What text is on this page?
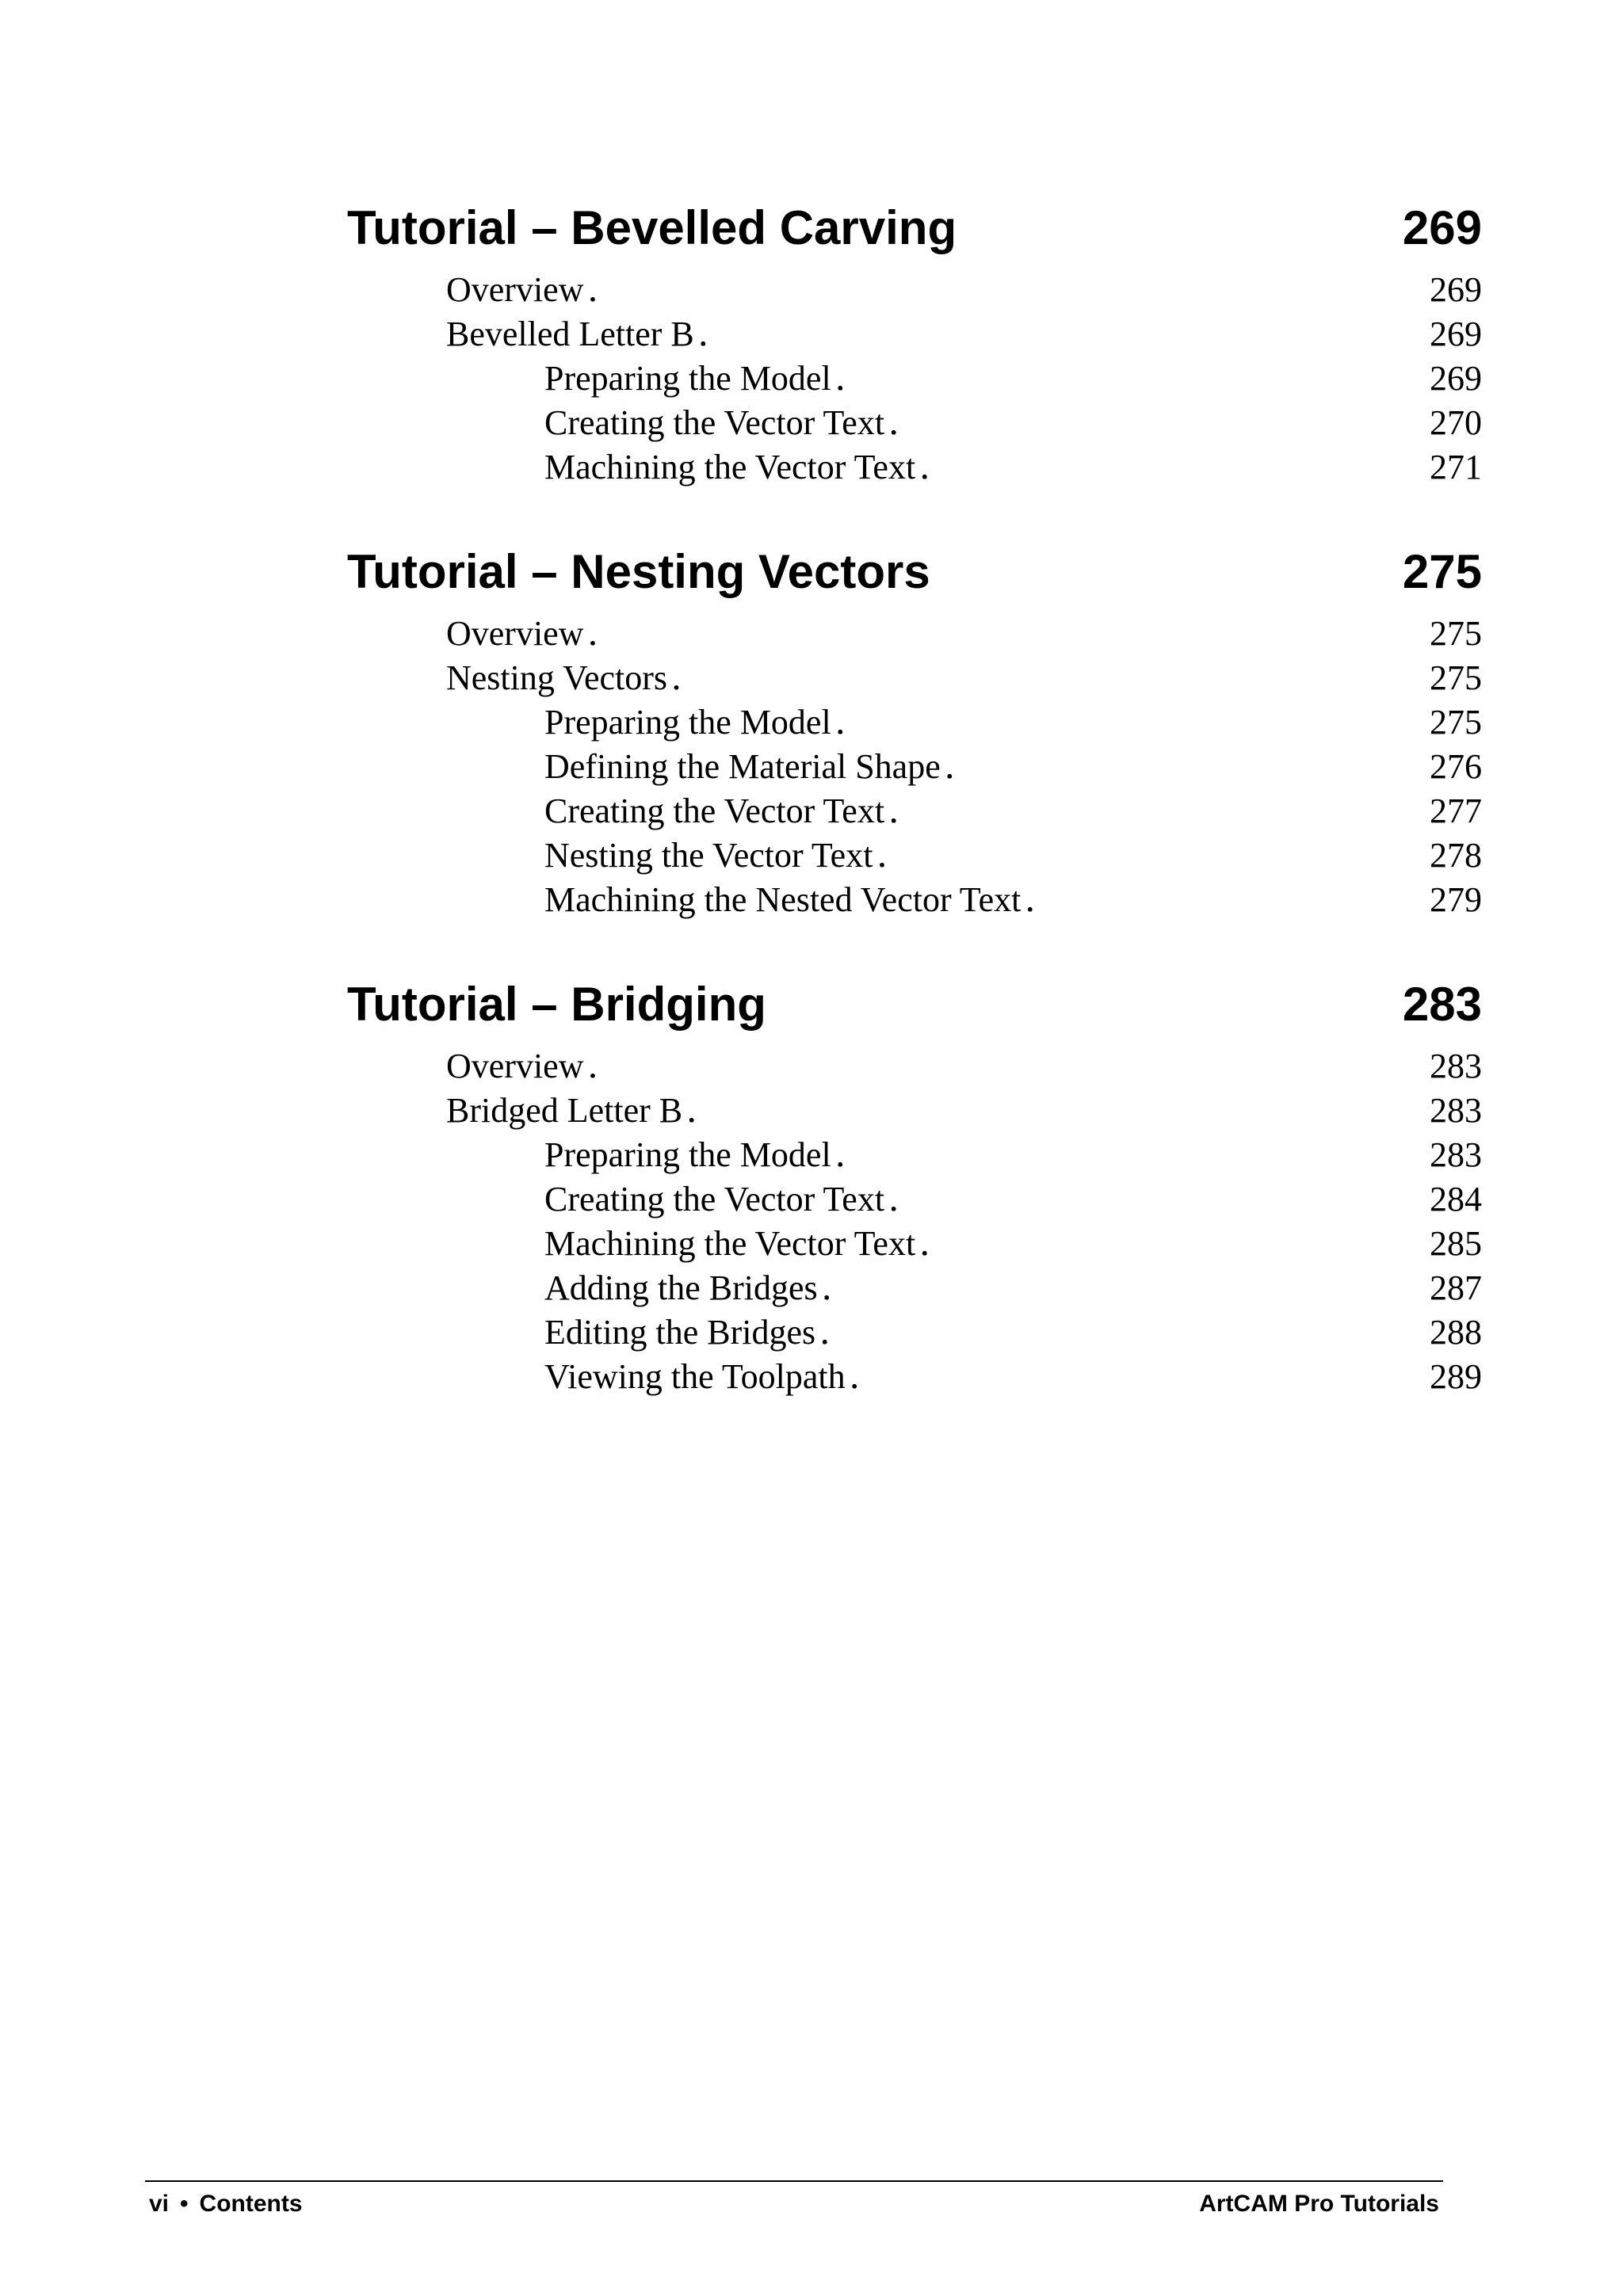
Tutorial – Bevelled Carving	269
Overview . . .	269
Bevelled Letter B . . .	269
Preparing the Model . . .	269
Creating the Vector Text . . .	270
Machining the Vector Text . . .	271
Tutorial – Nesting Vectors	275
Overview . . .	275
Nesting Vectors . . .	275
Preparing the Model . . .	275
Defining the Material Shape . . .	276
Creating the Vector Text . . .	277
Nesting the Vector Text . . .	278
Machining the Nested Vector Text . . .	279
Tutorial – Bridging	283
Overview . . .	283
Bridged Letter B . . .	283
Preparing the Model . . .	283
Creating the Vector Text . . .	284
Machining the Vector Text . . .	285
Adding the Bridges . . .	287
Editing the Bridges . . .	288
Viewing the Toolpath . . .	289
vi • Contents	ArtCAM Pro Tutorials
